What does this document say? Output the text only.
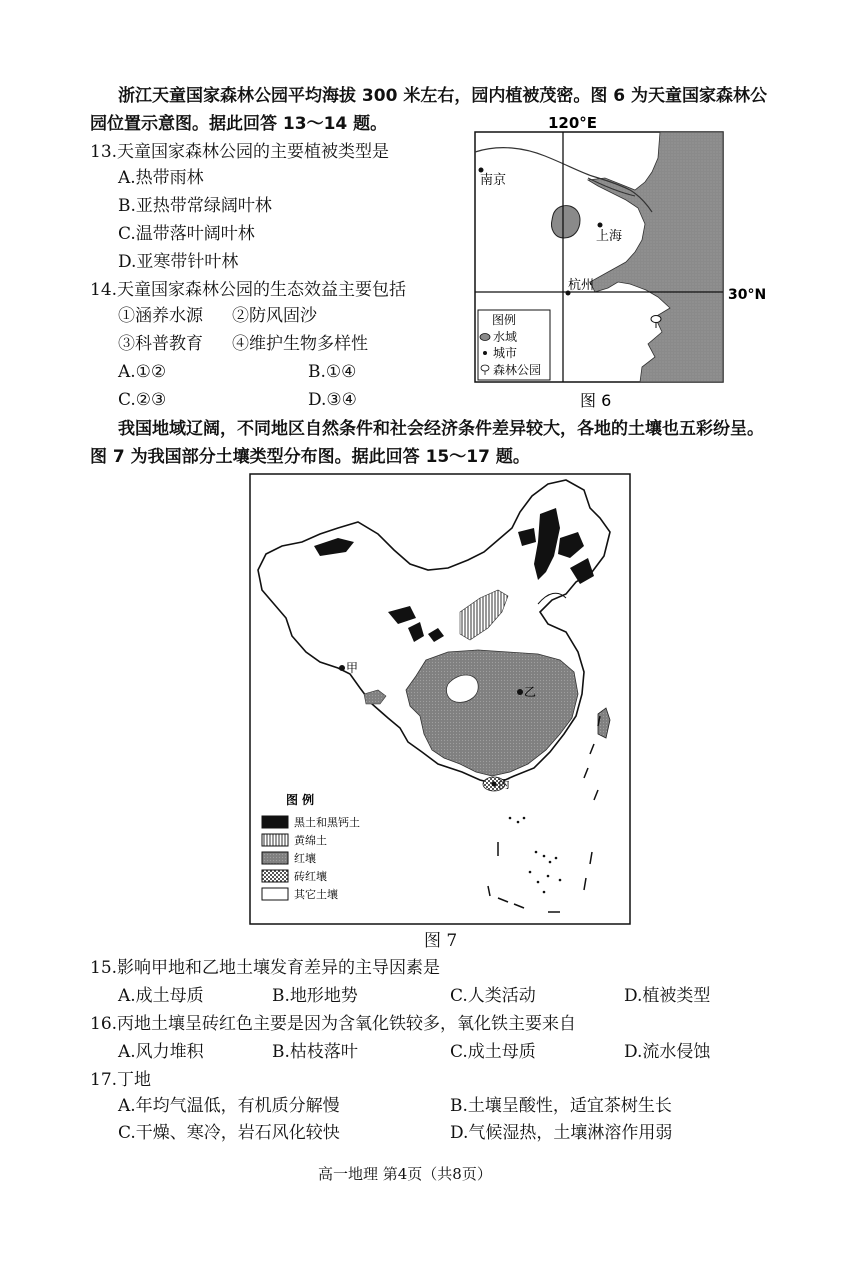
浙江天童国家森林公园平均海拔 300 米左右，园内植被茂密。图 6 为天童国家森林公
园位置示意图。据此回答 13～14 题。
13.天童国家森林公园的主要植被类型是
A.热带雨林
B.亚热带常绿阔叶林
C.温带落叶阔叶林
D.亚寒带针叶林
14.天童国家森林公园的生态效益主要包括
①涵养水源 ②防风固沙
③科普教育 ④维护生物多样性
A.①②	B.①④
C.②③	D.③④
120°E
南京
上海
杭州
30°N
图例
水域
城市
森林公园
图 6
我国地域辽阔，不同地区自然条件和社会经济条件差异较大，各地的土壤也五彩纷呈。
图 7 为我国部分土壤类型分布图。据此回答 15～17 题。
甲
乙
丙
图 例
黑土和黑钙土
黄绵土
红壤
砖红壤
其它土壤
图 7
15.影响甲地和乙地土壤发育差异的主导因素是
A.成土母质	B.地形地势	C.人类活动	D.植被类型
16.丙地土壤呈砖红色主要是因为含氧化铁较多，氧化铁主要来自
A.风力堆积	B.枯枝落叶	C.成土母质	D.流水侵蚀
17.丁地
A.年均气温低，有机质分解慢	B.土壤呈酸性，适宜茶树生长
C.干燥、寒冷，岩石风化较快	D.气候湿热，土壤淋溶作用弱
高一地理 第4页（共8页）
